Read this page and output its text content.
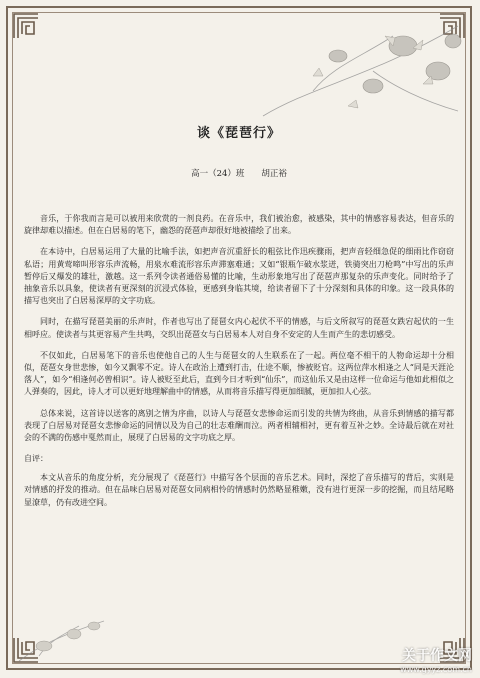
谈《琵琶行》
高一（24）班　　胡正裕

音乐，于你我而言是可以被用来欣赏的一剂良药。在音乐中，我们被治愈，被感染，其中的情感容易表达，但音乐的旋律却难以描述。但在白居易的笔下，幽怨的琵琶声却很好地被描绘了出来。

在本诗中，白居易运用了大量的比喻手法，如把声音沉重舒长的粗弦比作迅疾骤雨，把声音轻细急促的细雨比作窃窃私语；用黄莺啼叫形容乐声流畅，用泉水难流形容乐声滞塞难通；又如“银瓶乍破水浆迸，铁骑突出刀枪鸣”中写出的乐声暂停后又爆发的雄壮，激越。这一系列令读者通俗易懂的比喻，生动形象地写出了琵琶声那复杂的乐声变化。同时给予了抽象音乐以具象，使读者有更深刻的沉浸式体验，更感到身临其境，给读者留下了十分深刻和具体的印象。这一段具体的描写也突出了白居易深厚的文字功底。

同时，在描写琵琶美丽的乐声时，作者也写出了琵琶女内心起伏不平的情感，与后文所叙写的琵琶女跌宕起伏的一生相呼应。使读者与其更容易产生共鸣，交织出琵琶女与白居易本人对自身不安定的人生而产生的悲切感受。

不仅如此，白居易笔下的音乐也使他自己的人生与琵琶女的人生联系在了一起。两位毫不相干的人物命运却十分相似，琵琶女身世悲惨，如今又飘零不定。诗人在政治上遭到打击，仕途不顺，惨被贬官。这两位萍水相逢之人“同是天涯沦落人”，如今“相逢何必曾相识”。诗人被贬至此后，直到今日才听到“仙乐”，而这仙乐又是由这样一位命运与他如此相似之人弹奏的，因此，诗人才可以更好地理解曲中的情感，从而将音乐描写得更加细腻，更加扣人心弦。

总体来说，这首诗以送客的离别之情为序曲，以诗人与琵琶女悲惨命运而引发的共情为终曲，从音乐到情感的描写都表现了白居易对琵琶女悲惨命运的同情以及为自己的壮志难酬而泣。两者相辅相衬，更有着互补之妙。全诗最后就在对社会的不满的伤感中戛然而止，展现了白居易的文字功底之厚。

自评：

本文从音乐的角度分析，充分展现了《琵琶行》中描写各个层面的音乐艺术。同时，深挖了音乐描写的背后，实则是对情感的抒发的推动。但在品味白居易对琵琶女同病相怜的情感时仍然略显稚嫩，没有进行更深一步的挖掘，而且结尾略显潦草，仍有改进空间。

关于作文网
www.gyyz.com.cn
